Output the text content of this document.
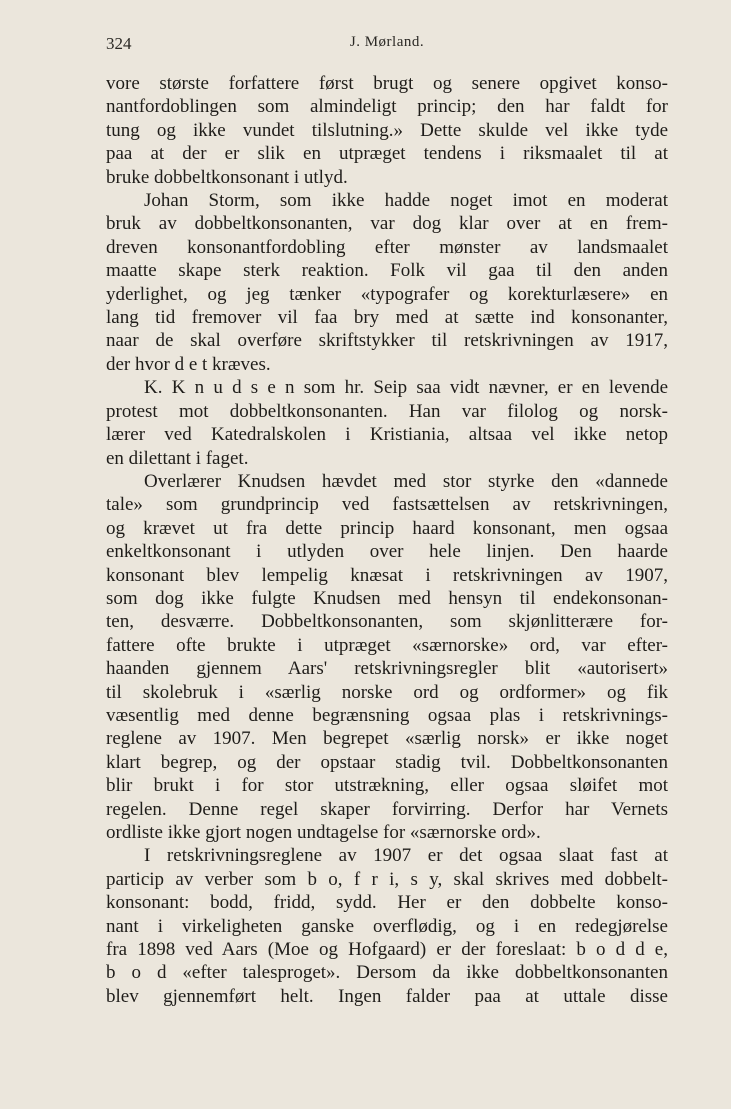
324	J. Mørland.
vore største forfattere først brugt og senere opgivet konso-
nantfordoblingen som almindeligt princip; den har faldt for
tung og ikke vundet tilslutning.» Dette skulde vel ikke tyde
paa at der er slik en utpræget tendens i riksmaalet til at
bruke dobbeltkonsonant i utlyd.
Johan Storm, som ikke hadde noget imot en moderat
bruk av dobbeltkonsonanten, var dog klar over at en frem-
dreven konsonantfordobling efter mønster av landsmaalet
maatte skape sterk reaktion. Folk vil gaa til den anden
yderlighet, og jeg tænker «typografer og korekturlæsere» en
lang tid fremover vil faa bry med at sætte ind konsonanter,
naar de skal overføre skriftstykker til retskrivningen av 1917,
der hvor d e t kræves.
K. K n u d s e n som hr. Seip saa vidt nævner, er en levende
protest mot dobbeltkonsonanten. Han var filolog og norsk-
lærer ved Katedralskolen i Kristiania, altsaa vel ikke netop
en dilettant i faget.
Overlærer Knudsen hævdet med stor styrke den «dannede
tale» som grundprincip ved fastsættelsen av retskrivningen,
og krævet ut fra dette princip haard konsonant, men ogsaa
enkeltkonsonant i utlyden over hele linjen. Den haarde
konsonant blev lempelig knæsat i retskrivningen av 1907,
som dog ikke fulgte Knudsen med hensyn til endekonsonan-
ten, desværre. Dobbeltkonsonanten, som skjønlitterære for-
fattere ofte brukte i utpræget «særnorske» ord, var efter-
haanden gjennem Aars' retskrivningsregler blit «autorisert»
til skolebruk i «særlig norske ord og ordformer» og fik
væsentlig med denne begrænsning ogsaa plas i retskrivnings-
reglene av 1907. Men begrepet «særlig norsk» er ikke noget
klart begrep, og der opstaar stadig tvil. Dobbeltkonsonanten
blir brukt i for stor utstrækning, eller ogsaa sløifet mot
regelen. Denne regel skaper forvirring. Derfor har Vernets
ordliste ikke gjort nogen undtagelse for «særnorske ord».
I retskrivningsreglene av 1907 er det ogsaa slaat fast at
particip av verber som b o, f r i, s y, skal skrives med dobbelt-
konsonant: bodd, fridd, sydd. Her er den dobbelte konso-
nant i virkeligheten ganske overflødig, og i en redegjørelse
fra 1898 ved Aars (Moe og Hofgaard) er der foreslaat: b o d d e,
b o d «efter talesproget». Dersom da ikke dobbeltkonsonanten
blev gjennemført helt. Ingen falder paa at uttale disse
